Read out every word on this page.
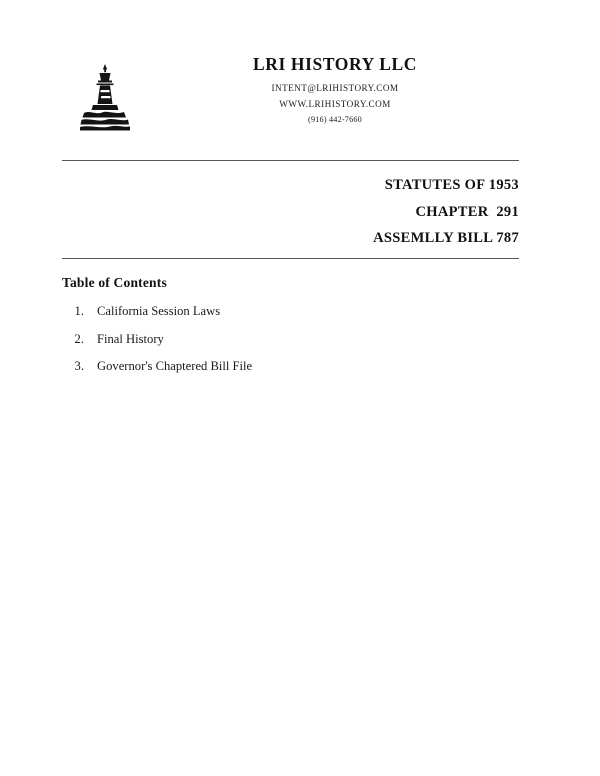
LRI HISTORY LLC
INTENT@LRIHISTORY.COM
WWW.LRIHISTORY.COM
(916) 442-7660
STATUTES OF 1953
CHAPTER  291
ASSEMLLY BILL 787
Table of Contents
1.	California Session Laws
2.	Final History
3.	Governor's Chaptered Bill File
